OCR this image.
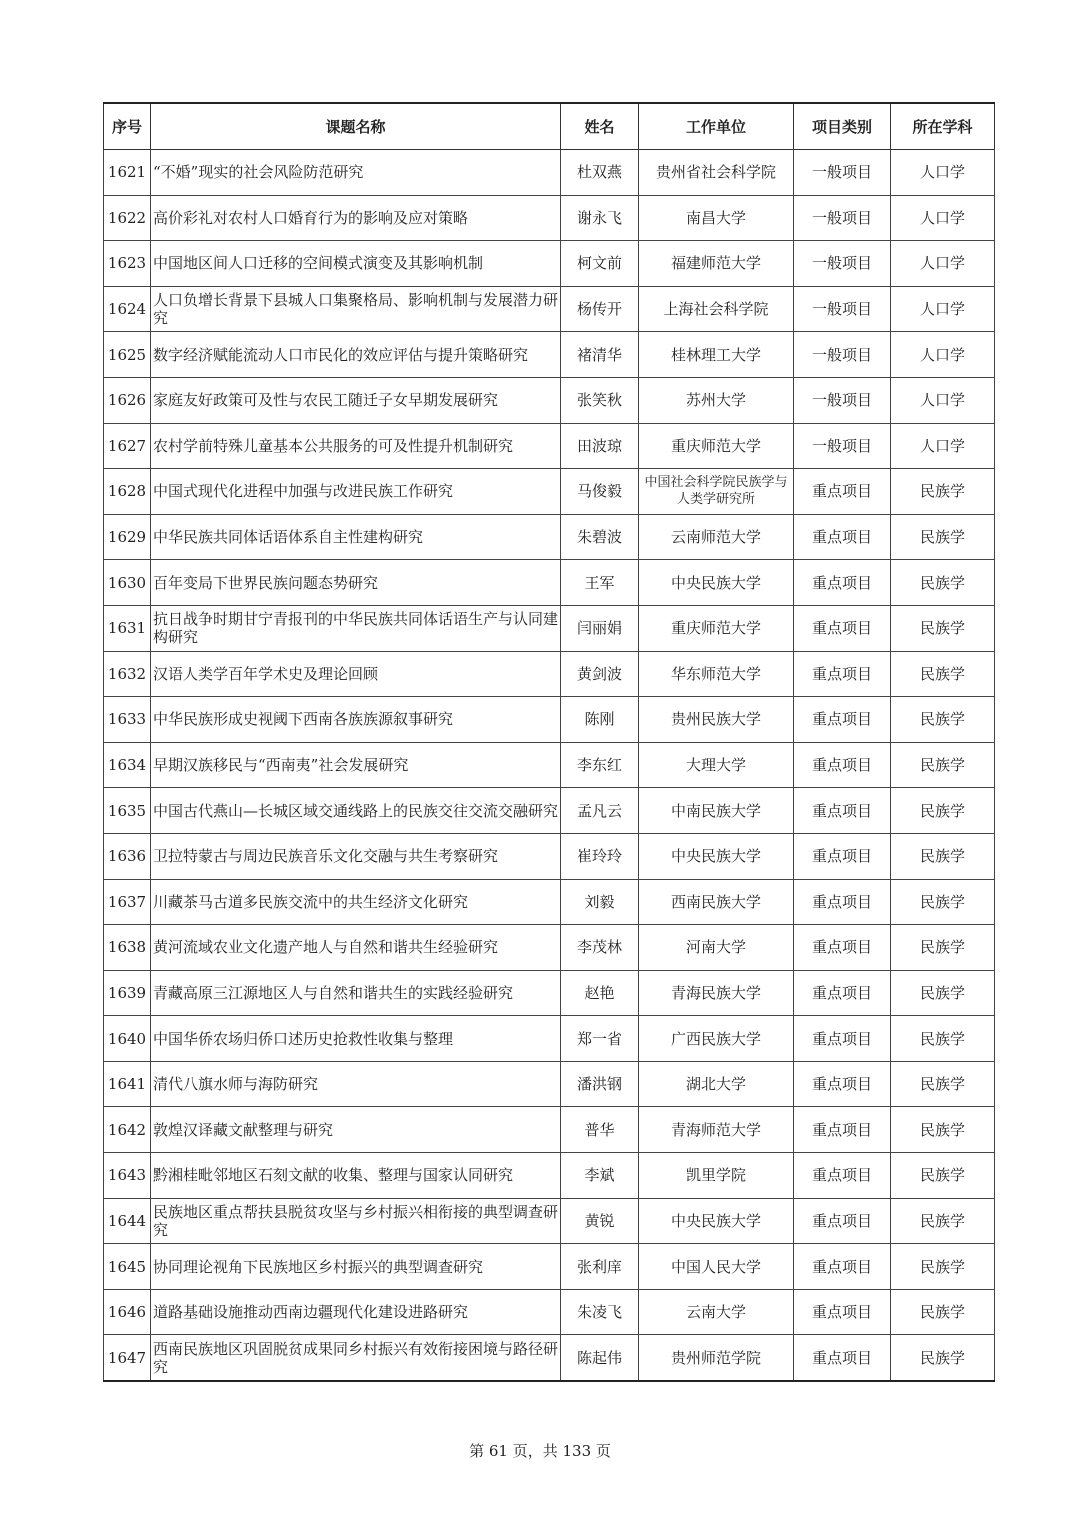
序号	课题名称	姓名	工作单位	项目类别	所在学科
1621	“不婚”现实的社会风险防范研究	杜双燕	贵州省社会科学院	一般项目	人口学
1622	高价彩礼对农村人口婚育行为的影响及应对策略	谢永飞	南昌大学	一般项目	人口学
1623	中国地区间人口迁移的空间模式演变及其影响机制	柯文前	福建师范大学	一般项目	人口学
1624	人口负增长背景下县城人口集聚格局、影响机制与发展潜力研究	杨传开	上海社会科学院	一般项目	人口学
1625	数字经济赋能流动人口市民化的效应评估与提升策略研究	褚清华	桂林理工大学	一般项目	人口学
1626	家庭友好政策可及性与农民工随迁子女早期发展研究	张笑秋	苏州大学	一般项目	人口学
1627	农村学前特殊儿童基本公共服务的可及性提升机制研究	田波琼	重庆师范大学	一般项目	人口学
1628	中国式现代化进程中加强与改进民族工作研究	马俊毅	中国社会科学院民族学与人类学研究所	重点项目	民族学
1629	中华民族共同体话语体系自主性建构研究	朱碧波	云南师范大学	重点项目	民族学
1630	百年变局下世界民族问题态势研究	王军	中央民族大学	重点项目	民族学
1631	抗日战争时期甘宁青报刊的中华民族共同体话语生产与认同建构研究	闫丽娟	重庆师范大学	重点项目	民族学
1632	汉语人类学百年学术史及理论回顾	黄剑波	华东师范大学	重点项目	民族学
1633	中华民族形成史视阈下西南各族族源叙事研究	陈刚	贵州民族大学	重点项目	民族学
1634	早期汉族移民与“西南夷”社会发展研究	李东红	大理大学	重点项目	民族学
1635	中国古代燕山—长城区域交通线路上的民族交往交流交融研究	孟凡云	中南民族大学	重点项目	民族学
1636	卫拉特蒙古与周边民族音乐文化交融与共生考察研究	崔玲玲	中央民族大学	重点项目	民族学
1637	川藏茶马古道多民族交流中的共生经济文化研究	刘毅	西南民族大学	重点项目	民族学
1638	黄河流域农业文化遗产地人与自然和谐共生经验研究	李茂林	河南大学	重点项目	民族学
1639	青藏高原三江源地区人与自然和谐共生的实践经验研究	赵艳	青海民族大学	重点项目	民族学
1640	中国华侨农场归侨口述历史抢救性收集与整理	郑一省	广西民族大学	重点项目	民族学
1641	清代八旗水师与海防研究	潘洪钢	湖北大学	重点项目	民族学
1642	敦煌汉译藏文献整理与研究	普华	青海师范大学	重点项目	民族学
1643	黔湘桂毗邻地区石刻文献的收集、整理与国家认同研究	李斌	凯里学院	重点项目	民族学
1644	民族地区重点帮扶县脱贫攻坚与乡村振兴相衔接的典型调查研究	黄锐	中央民族大学	重点项目	民族学
1645	协同理论视角下民族地区乡村振兴的典型调查研究	张利庠	中国人民大学	重点项目	民族学
1646	道路基础设施推动西南边疆现代化建设进路研究	朱凌飞	云南大学	重点项目	民族学
1647	西南民族地区巩固脱贫成果同乡村振兴有效衔接困境与路径研究	陈起伟	贵州师范学院	重点项目	民族学
第 61 页，共 133 页
